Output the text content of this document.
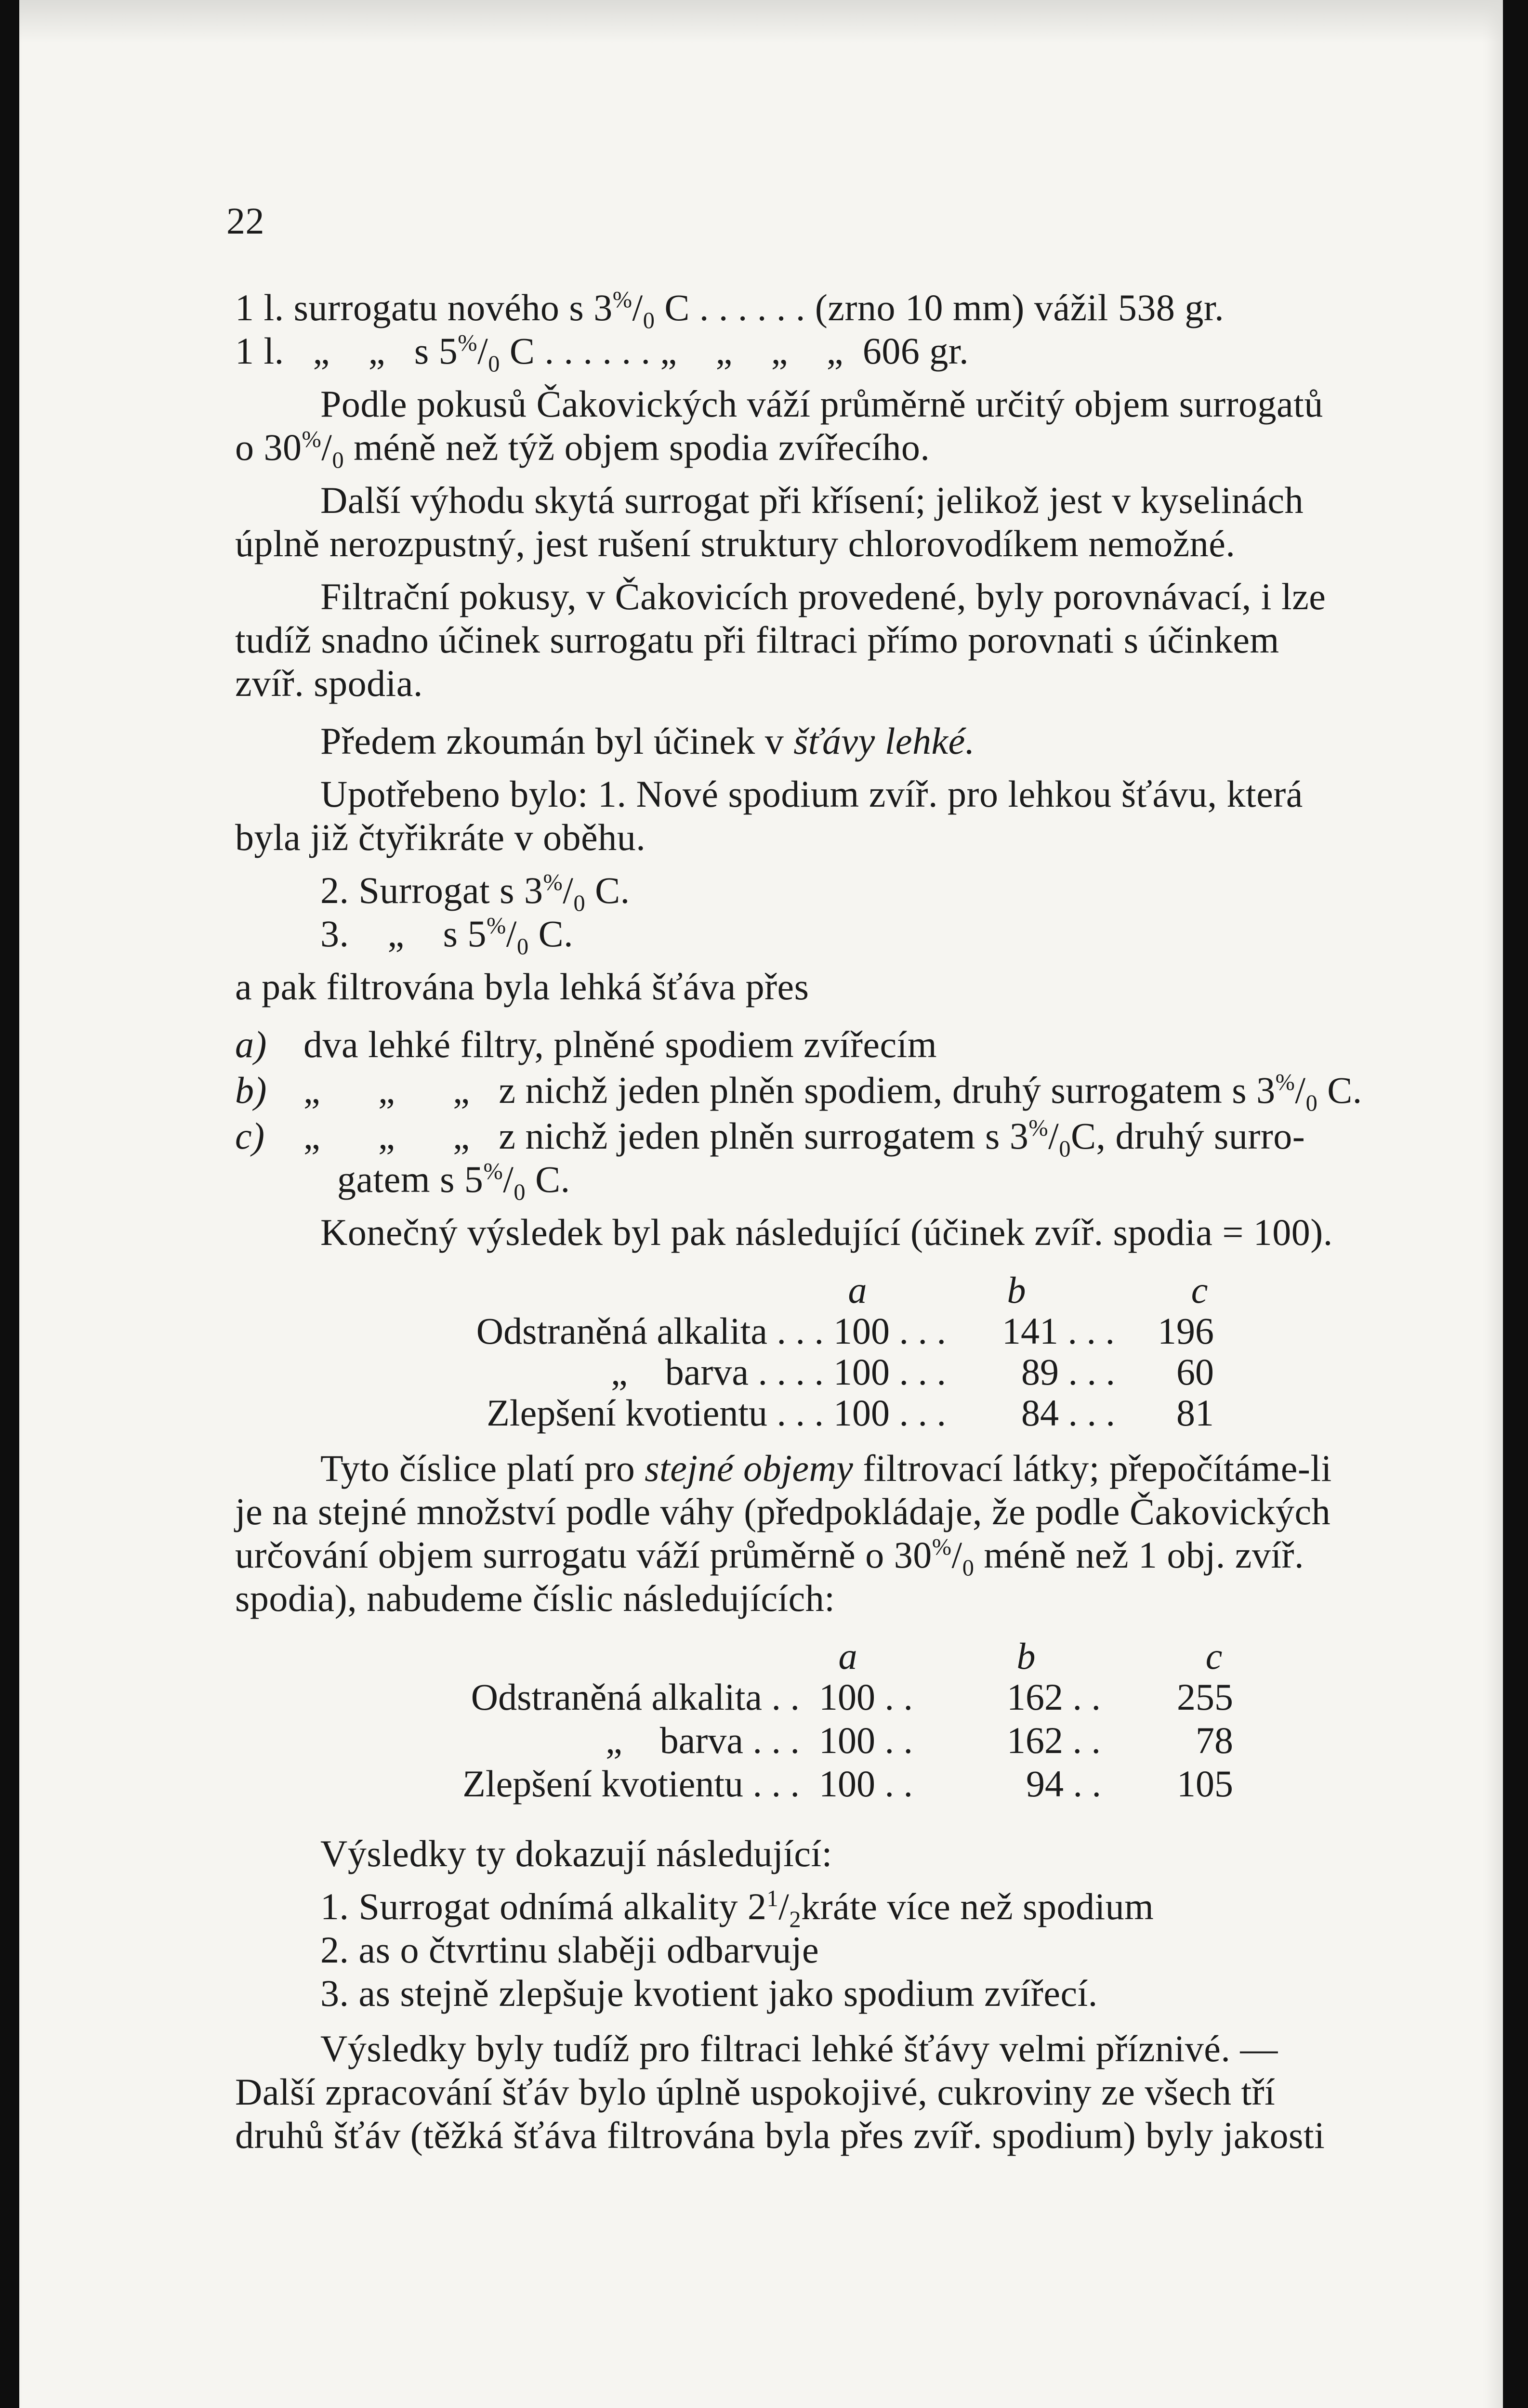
22
1 l. surrogatu nového s $3^{\%}/_0$ C . . . . . . (zrno 10 mm) vážil 538 gr.
1 l.   „    „   s $5^{\%}/_0$ C . . . . . . „    „    „    „  606 gr.
Podle pokusů Čakovických váží průměrně určitý objem surrogatů
o $30^{\%}/_0$ méně než týž objem spodia zvířecího.
Další výhodu skytá surrogat při křísení; jelikož jest v kyselinách
úplně nerozpustný, jest rušení struktury chlorovodíkem nemožné.
Filtrační pokusy, v Čakovicích provedené, byly porovnávací, i lze
tudíž snadno účinek surrogatu při filtraci přímo porovnati s účinkem
zvíř. spodia.
Předem zkoumán byl účinek v šťávy lehké.
Upotřebeno bylo: 1. Nové spodium zvíř. pro lehkou šťávu, která
byla již čtyřikráte v oběhu.
2. Surrogat s $3^{\%}/_0$ C.
3.    „    s $5^{\%}/_0$ C.
a pak filtrována byla lehká šťáva přes
a) dva lehké filtry, plněné spodiem zvířecím
b) „      „      „   z nichž jeden plněn spodiem, druhý surrogatem s $3^{\%}/_0$ C.
c) „      „      „   z nichž jeden plněn surrogatem s $3^{\%}/_0C$, druhý surro-
gatem s $5^{\%}/_0$ C.
Konečný výsledek byl pak následující (účinek zvíř. spodia = 100).
a	b	c
Odstraněná alkalita . . . 100 . . . 141 . . . 196
„    barva . . . . 100 . . . 89 . . .	60
Zlepšení kvotientu . . . 100 . . . 84 . . .	81
Tyto číslice platí pro stejné objemy filtrovací látky; přepočítáme-li
je na stejné množství podle váhy (předpokládaje, že podle Čakovických
určování objem surrogatu váží průměrně o $30^{\%}/_0$ méně než 1 obj. zvíř.
spodia), nabudeme číslic následujících:
a	b	c
Odstraněná alkalita . . 100 . .	162 . . 255
„    barva . . . 100 . .	162 . .	78
Zlepšení kvotientu . . . 100 . .	94 . . 105
Výsledky ty dokazují následující:
1. Surrogat odnímá alkality $2^1/_2kráte$ více než spodium
2. as o čtvrtinu slaběji odbarvuje
3. as stejně zlepšuje kvotient jako spodium zvířecí.
Výsledky byly tudíž pro filtraci lehké šťávy velmi příznivé. —
Další zpracování šťáv bylo úplně uspokojivé, cukroviny ze všech tří
druhů šťáv (těžká šťáva filtrována byla přes zvíř. spodium) byly jakosti
